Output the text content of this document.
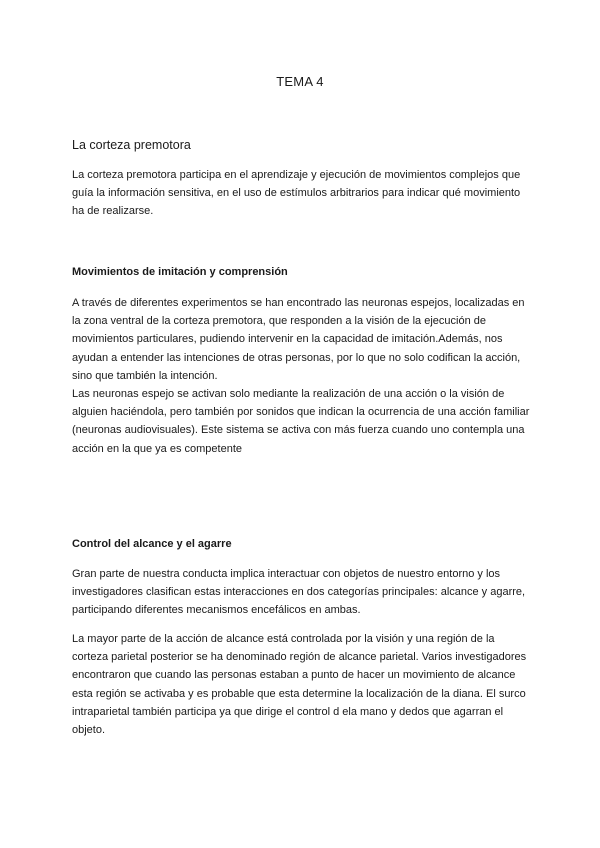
TEMA 4
La corteza premotora

La corteza premotora participa en el aprendizaje y ejecución de movimientos complejos que guía la información sensitiva, en el uso de estímulos arbitrarios para indicar qué movimiento ha de realizarse.

Movimientos de imitación y comprensión

A través de diferentes experimentos se han encontrado las neuronas espejos, localizadas en la zona ventral de la corteza premotora, que responden a la visión de la ejecución de movimientos particulares, pudiendo intervenir en la capacidad de imitación.Además, nos ayudan a entender las intenciones de otras personas, por lo que no solo codifican la acción, sino que también la intención.

Las neuronas espejo se activan solo mediante la realización de una acción o la visión de alguien haciéndola, pero también por sonidos que indican la ocurrencia de una acción familiar (neuronas audiovisuales). Este sistema se activa con más fuerza cuando uno contempla una acción en la que ya es competente

Control del alcance y el agarre

Gran parte de nuestra conducta implica interactuar con objetos de nuestro entorno y los investigadores clasifican estas interacciones en dos categorías principales: alcance y agarre, participando diferentes mecanismos encefálicos en ambas.

La mayor parte de la acción de alcance está controlada por la visión y una región de la corteza parietal posterior se ha denominado región de alcance parietal. Varios investigadores encontraron que cuando las personas estaban a punto de hacer un movimiento de alcance esta región se activaba y es probable que esta determine la localización de la diana. El surco intraparietal también participa ya que dirige el control d ela mano y dedos que agarran el objeto.
